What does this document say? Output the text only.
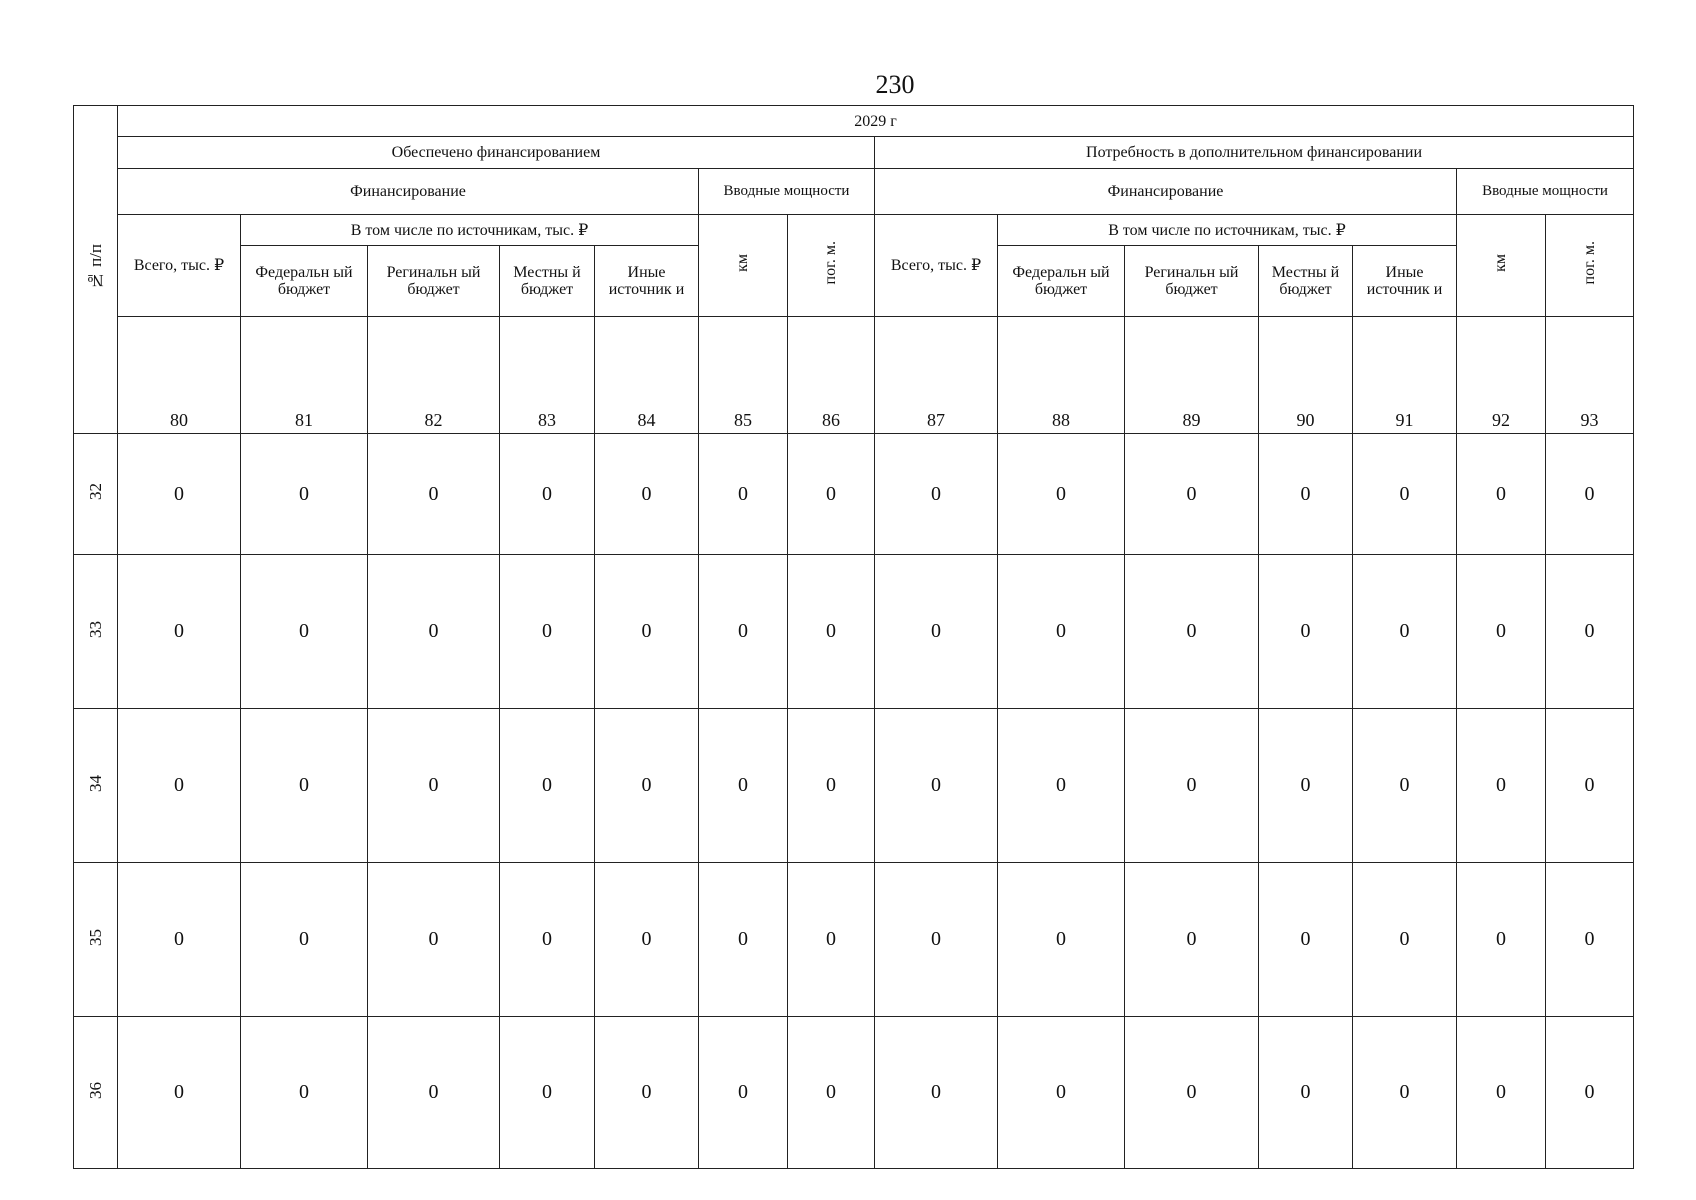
230
№ п/п	2029 г													
	Обеспечено финансированием							Потребность в дополнительном финансировании						
	Финансирование					Вводные мощности		Финансирование					Вводные мощности	
	Всего, тыс. ₽	В том числе по источникам, тыс. ₽				км	пог. м.	Всего, тыс. ₽	В том числе по источникам, тыс. ₽				км	пог. м.
		Федеральн ый бюджет	Регинальн ый бюджет	Местны й бюджет	Иные источник и				Федеральн ый бюджет	Регинальн ый бюджет	Местны й бюджет	Иные источник и		
	80	81	82	83	84	85	86	87	88	89	90	91	92	93
32	0	0	0	0	0	0	0	0	0	0	0	0	0	0
33	0	0	0	0	0	0	0	0	0	0	0	0	0	0
34	0	0	0	0	0	0	0	0	0	0	0	0	0	0
35	0	0	0	0	0	0	0	0	0	0	0	0	0	0
36	0	0	0	0	0	0	0	0	0	0	0	0	0	0
